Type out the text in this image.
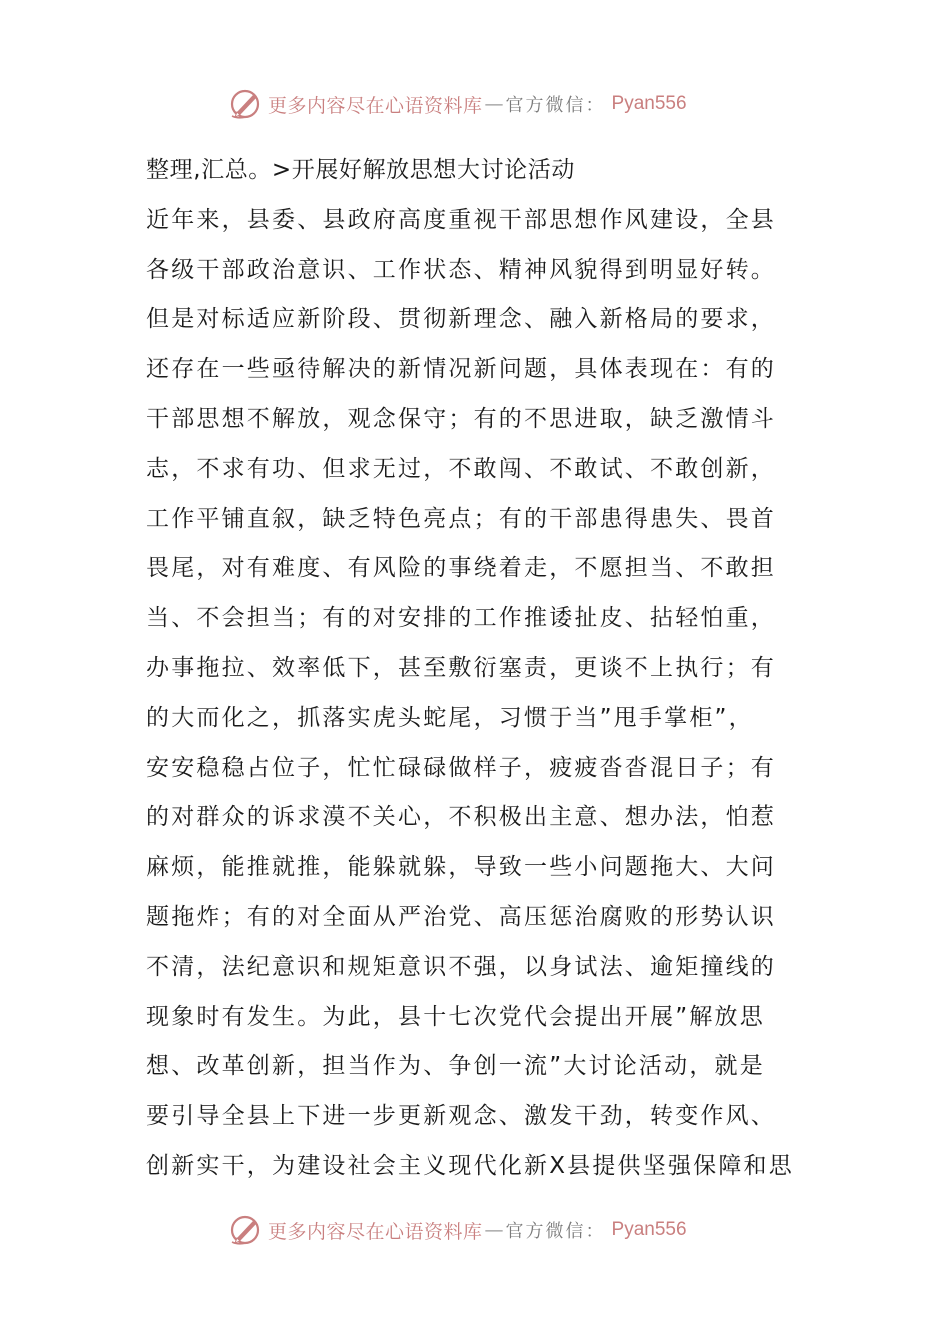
更多内容尽在心语资料库 — 官方微信： Pyan556
整理,汇总。>开展好解放思想大讨论活动
近年来，县委、县政府高度重视干部思想作风建设，全县
各级干部政治意识、工作状态、精神风貌得到明显好转。
但是对标适应新阶段、贯彻新理念、融入新格局的要求，
还存在一些亟待解决的新情况新问题，具体表现在：有的
干部思想不解放，观念保守；有的不思进取，缺乏激情斗
志，不求有功、但求无过，不敢闯、不敢试、不敢创新，
工作平铺直叙，缺乏特色亮点；有的干部患得患失、畏首
畏尾，对有难度、有风险的事绕着走，不愿担当、不敢担
当、不会担当；有的对安排的工作推诿扯皮、拈轻怕重，
办事拖拉、效率低下，甚至敷衍塞责，更谈不上执行；有
的大而化之，抓落实虎头蛇尾，习惯于当”甩手掌柜”，
安安稳稳占位子，忙忙碌碌做样子，疲疲沓沓混日子；有
的对群众的诉求漠不关心，不积极出主意、想办法，怕惹
麻烦，能推就推，能躲就躲，导致一些小问题拖大、大问
题拖炸；有的对全面从严治党、高压惩治腐败的形势认识
不清，法纪意识和规矩意识不强，以身试法、逾矩撞线的
现象时有发生。为此，县十七次党代会提出开展”解放思
想、改革创新，担当作为、争创一流”大讨论活动，就是
要引导全县上下进一步更新观念、激发干劲，转变作风、
创新实干，为建设社会主义现代化新X县提供坚强保障和思
更多内容尽在心语资料库 — 官方微信： Pyan556
